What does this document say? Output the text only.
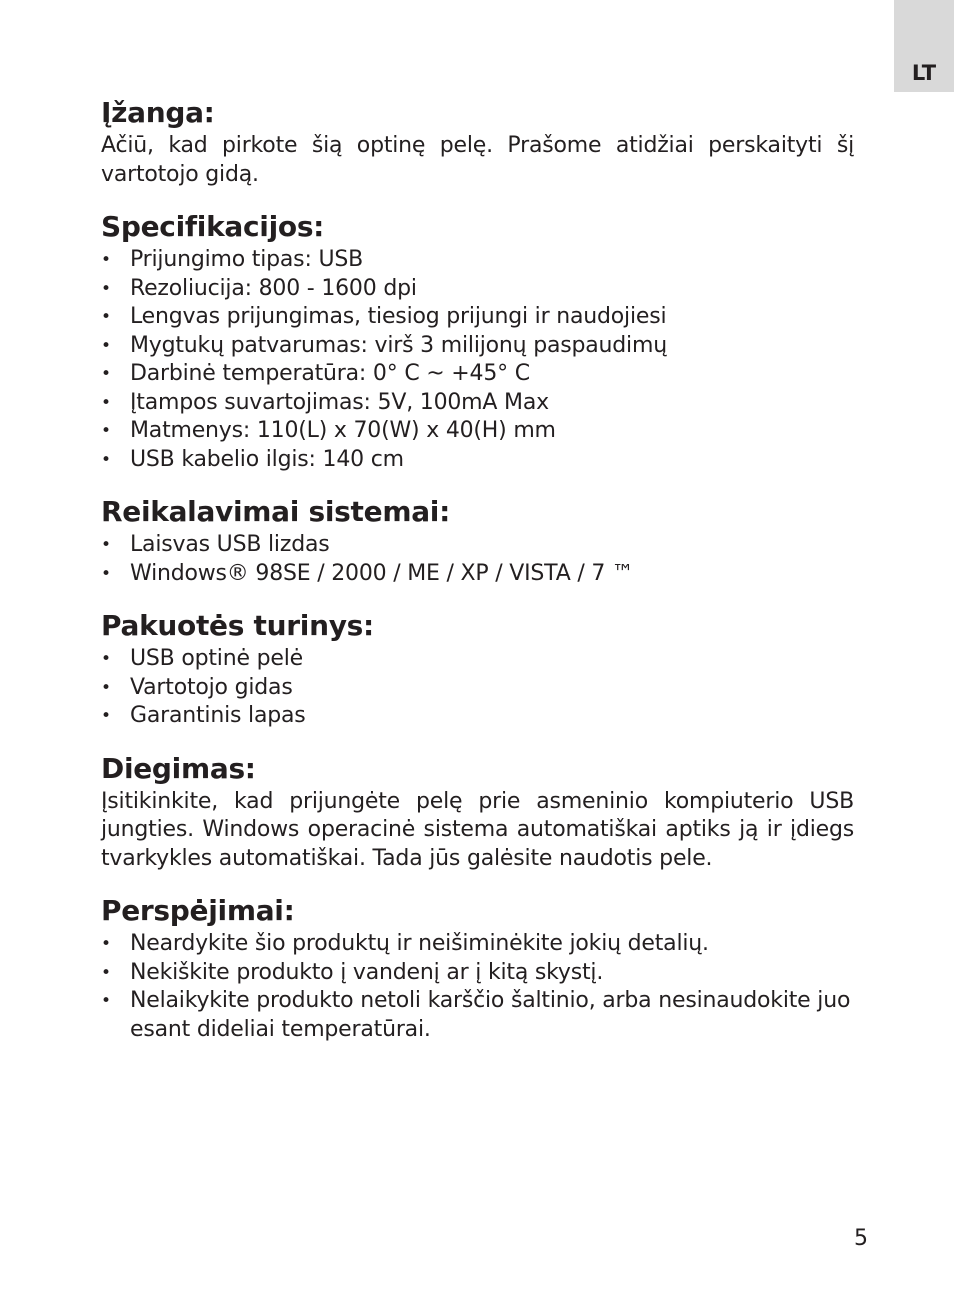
LT
Įžanga:

Ačiū, kad pirkote šią optinę pelę. Prašome atidžiai perskaityti šį vartotojo gidą.

Specifikacijos:
• Prijungimo tipas: USB
• Rezoliucija: 800 - 1600 dpi
• Lengvas prijungimas, tiesiog prijungi ir naudojiesi
• Mygtukų patvarumas: virš 3 milijonų paspaudimų
• Darbinė temperatūra: 0° C ~ +45° C
• Įtampos suvartojimas: 5V, 100mA Max
• Matmenys: 110(L) x 70(W) x 40(H) mm
• USB kabelio ilgis: 140 cm
Reikalavimai sistemai:
• Laisvas USB lizdas
• Windows® 98SE / 2000 / ME / XP / VISTA / 7 ™
Pakuotės turinys:
• USB optinė pelė
• Vartotojo gidas
• Garantinis lapas
Diegimas:

Įsitikinkite, kad prijungėte pelę prie asmeninio kompiuterio USB jungties. Windows operacinė sistema automatiškai aptiks ją ir įdiegs tvarkykles automatiškai. Tada jūs galėsite naudotis pele.

Perspėjimai:
• Neardykite šio produktų ir neišiminėkite jokių detalių.
• Nekiškite produkto į vandenį ar į kitą skystį.
• Nelaikykite produkto netoli karščio šaltinio, arba nesinaudokite juo esant dideliai temperatūrai.
5
